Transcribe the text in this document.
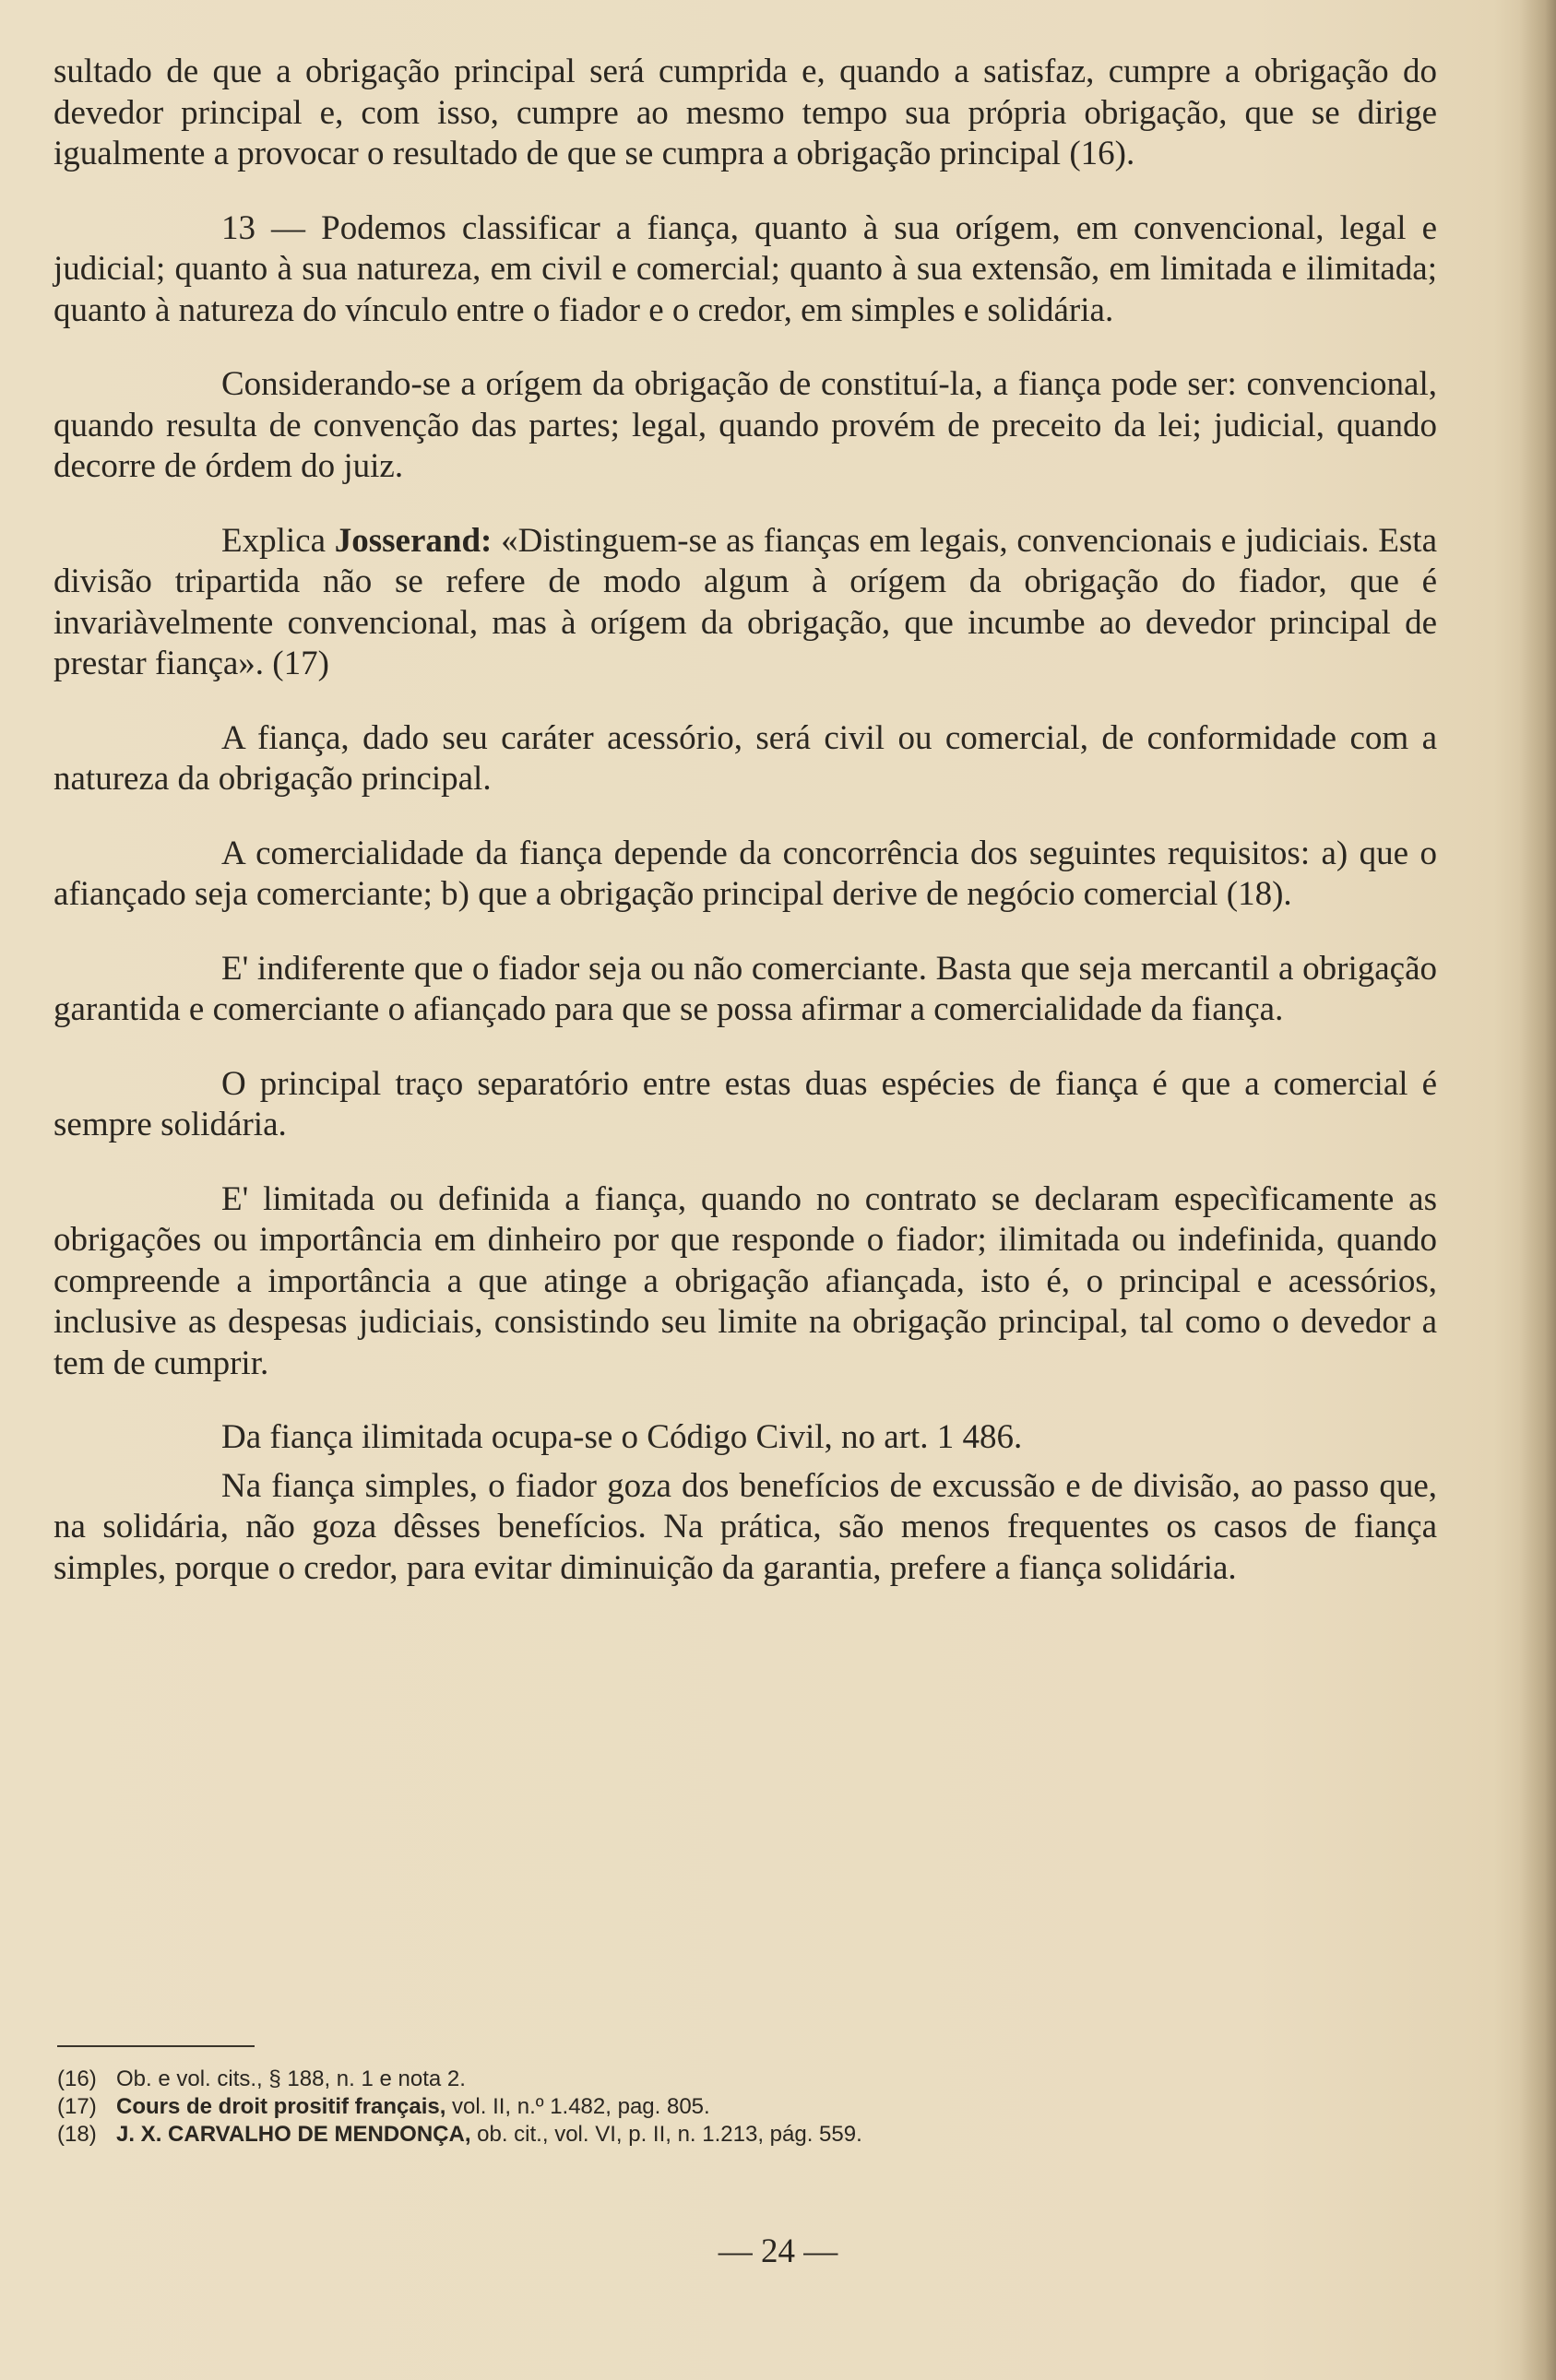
sultado de que a obrigação principal será cumprida e, quando a satisfaz, cumpre a obrigação do devedor principal e, com isso, cumpre ao mesmo tempo sua própria obrigação, que se dirige igualmente a provocar o resultado de que se cumpra a obrigação principal (16).

13 — Podemos classificar a fiança, quanto à sua orígem, em convencional, legal e judicial; quanto à sua natureza, em civil e comercial; quanto à sua extensão, em limitada e ilimitada; quanto à natureza do vínculo entre o fiador e o credor, em simples e solidária.

Considerando-se a orígem da obrigação de constituí-la, a fiança pode ser: convencional, quando resulta de convenção das partes; legal, quando provém de preceito da lei; judicial, quando decorre de órdem do juiz.

Explica Josserand: «Distinguem-se as fianças em legais, convencionais e judiciais. Esta divisão tripartida não se refere de modo algum à orígem da obrigação do fiador, que é invariàvelmente convencional, mas à orígem da obrigação, que incumbe ao devedor principal de prestar fiança». (17)

A fiança, dado seu caráter acessório, será civil ou comercial, de conformidade com a natureza da obrigação principal.

A comercialidade da fiança depende da concorrência dos seguintes requisitos: a) que o afiançado seja comerciante; b) que a obrigação principal derive de negócio comercial (18).

E' indiferente que o fiador seja ou não comerciante. Basta que seja mercantil a obrigação garantida e comerciante o afiançado para que se possa afirmar a comercialidade da fiança.

O principal traço separatório entre estas duas espécies de fiança é que a comercial é sempre solidária.

E' limitada ou definida a fiança, quando no contrato se declaram especìficamente as obrigações ou importância em dinheiro por que responde o fiador; ilimitada ou indefinida, quando compreende a importância a que atinge a obrigação afiançada, isto é, o principal e acessórios, inclusive as despesas judiciais, consistindo seu limite na obrigação principal, tal como o devedor a tem de cumprir.

Da fiança ilimitada ocupa-se o Código Civil, no art. 1 486.

Na fiança simples, o fiador goza dos benefícios de excussão e de divisão, ao passo que, na solidária, não goza dêsses benefícios. Na prática, são menos frequentes os casos de fiança simples, porque o credor, para evitar diminuição da garantia, prefere a fiança solidária.

(16) Ob. e vol. cits., § 188, n. 1 e nota 2.

(17) Cours de droit prositif français, vol. II, n.º 1.482, pag. 805.

(18) J. X. CARVALHO DE MENDONÇA, ob. cit., vol. VI, p. II, n. 1.213, pág. 559.

— 24 —
